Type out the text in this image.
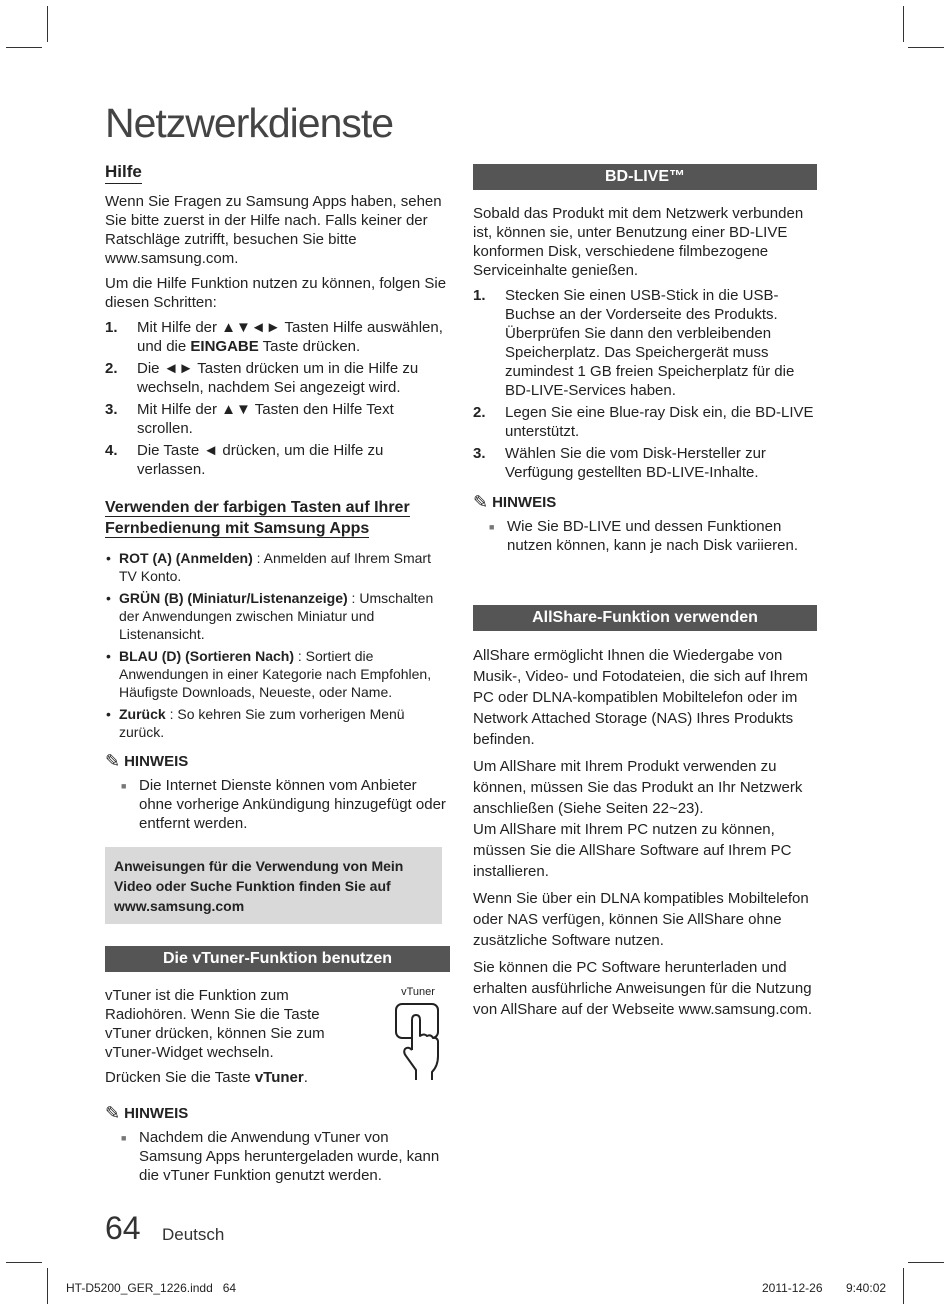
Netzwerkdienste
Hilfe

Wenn Sie Fragen zu Samsung Apps haben, sehen Sie bitte zuerst in der Hilfe nach. Falls keiner der Ratschläge zutrifft, besuchen Sie bitte www.samsung.com.

Um die Hilfe Funktion nutzen zu können, folgen Sie diesen Schritten:

1. Mit Hilfe der ▲▼◄► Tasten Hilfe auswählen, und die EINGABE Taste drücken.
2. Die ◄► Tasten drücken um in die Hilfe zu wechseln, nachdem Sei angezeigt wird.
3. Mit Hilfe der ▲▼ Tasten den Hilfe Text scrollen.
4. Die Taste ◄ drücken, um die Hilfe zu verlassen.
Verwenden der farbigen Tasten auf Ihrer Fernbedienung mit Samsung Apps
• ROT (A) (Anmelden) : Anmelden auf Ihrem Smart TV Konto.
• GRÜN (B) (Miniatur/Listenanzeige) : Umschalten der Anwendungen zwischen Miniatur und Listenansicht.
• BLAU (D) (Sortieren Nach) : Sortiert die Anwendungen in einer Kategorie nach Empfohlen, Häufigste Downloads, Neueste, oder Name.
• Zurück : So kehren Sie zum vorherigen Menü zurück.
✎ HINWEIS
■ Die Internet Dienste können vom Anbieter ohne vorherige Ankündigung hinzugefügt oder entfernt werden.
Anweisungen für die Verwendung von Mein Video oder Suche Funktion finden Sie auf www.samsung.com
Die vTuner-Funktion benutzen

vTuner ist die Funktion zum Radiohören. Wenn Sie die Taste vTuner drücken, können Sie zum vTuner-Widget wechseln.

Drücken Sie die Taste vTuner.

vTuner
✎ HINWEIS
■ Nachdem die Anwendung vTuner von Samsung Apps heruntergeladen wurde, kann die vTuner Funktion genutzt werden.
BD-LIVE™

Sobald das Produkt mit dem Netzwerk verbunden ist, können sie, unter Benutzung einer BD-LIVE konformen Disk, verschiedene filmbezogene Serviceinhalte genießen.

1. Stecken Sie einen USB-Stick in die USB-Buchse an der Vorderseite des Produkts. Überprüfen Sie dann den verbleibenden Speicherplatz. Das Speichergerät muss zumindest 1 GB freien Speicherplatz für die BD-LIVE-Services haben.
2. Legen Sie eine Blue-ray Disk ein, die BD-LIVE unterstützt.
3. Wählen Sie die vom Disk-Hersteller zur Verfügung gestellten BD-LIVE-Inhalte.
✎ HINWEIS
■ Wie Sie BD-LIVE und dessen Funktionen nutzen können, kann je nach Disk variieren.
AllShare-Funktion verwenden

AllShare ermöglicht Ihnen die Wiedergabe von Musik-, Video- und Fotodateien, die sich auf Ihrem PC oder DLNA-kompatiblen Mobiltelefon oder im Network Attached Storage (NAS) Ihres Produkts befinden.

Um AllShare mit Ihrem Produkt verwenden zu können, müssen Sie das Produkt an Ihr Netzwerk anschließen (Siehe Seiten 22~23).

Um AllShare mit Ihrem PC nutzen zu können, müssen Sie die AllShare Software auf Ihrem PC installieren.

Wenn Sie über ein DLNA kompatibles Mobiltelefon oder NAS verfügen, können Sie AllShare ohne zusätzliche Software nutzen.

Sie können die PC Software herunterladen und erhalten ausführliche Anweisungen für die Nutzung von AllShare auf der Webseite www.samsung.com.

64 Deutsch
HT-D5200_GER_1226.indd   64	2011-12-26 9:40:02
